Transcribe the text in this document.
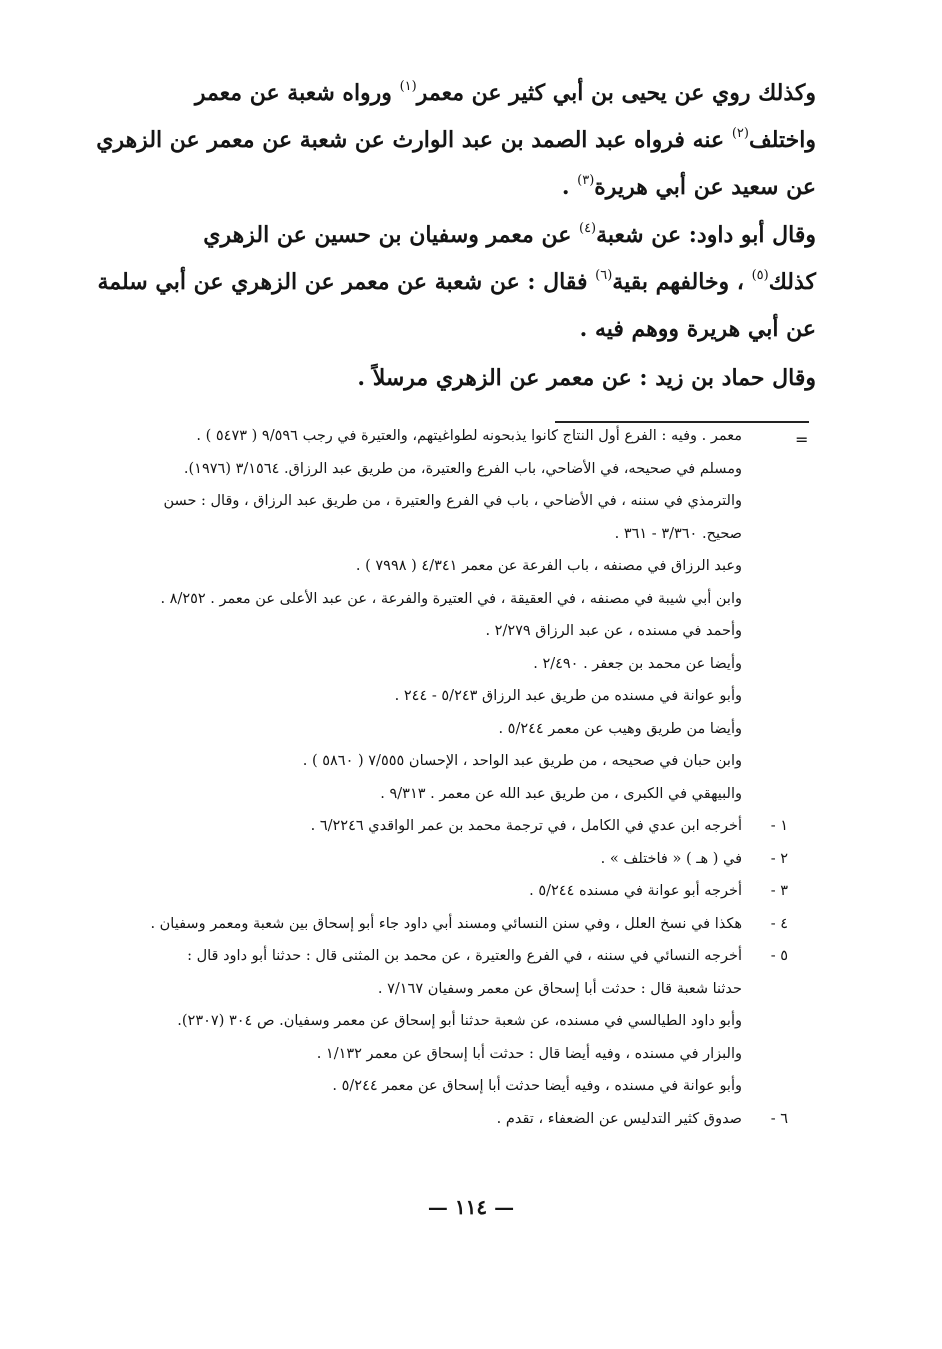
وكذلك روي عن يحيى بن أبي كثير عن معمر$^{(١)}$ ورواه شعبة عن معمر
واختلف$^{(٢)}$ عنه فرواه عبد الصمد بن عبد الوارث عن شعبة عن معمر عن الزهري
عن سعيد عن أبي هريرة$^{(٣)}$ .
وقال أبو داود: عن شعبة$^{(٤)}$ عن معمر وسفيان بن حسين عن الزهري
كذلك$^{(٥)}$ ، وخالفهم بقية$^{(٦)}$ فقال : عن شعبة عن معمر عن الزهري عن أبي سلمة
عن أبي هريرة ووهم فيه .
وقال حماد بن زيد : عن معمر عن الزهري مرسلاً .
=

معمر . وفيه : الفرع أول النتاج كانوا يذبحونه لطواغيتهم، والعتيرة في رجب ٩/٥٩٦ ( ٥٤٧٣ ) .

ومسلم في صحيحه، في الأضاحي، باب الفرع والعتيرة، من طريق عبد الرزاق. ٣/١٥٦٤ (١٩٧٦).

والترمذي في سننه ، في الأضاحي ، باب في الفرع والعتيرة ، من طريق عبد الرزاق ، وقال : حسن

صحيح. ٣/٣٦٠ - ٣٦١ .

وعبد الرزاق في مصنفه ، باب الفرعة عن معمر ٤/٣٤١ ( ٧٩٩٨ ) .

وابن أبي شيبة في مصنفه ، في العقيقة ، في العتيرة والفرعة ، عن عبد الأعلى عن معمر . ٨/٢٥٢ .

وأحمد في مسنده ، عن عبد الرزاق ٢/٢٧٩ .

وأيضا عن محمد بن جعفر . ٢/٤٩٠ .

وأبو عوانة في مسنده من طريق عبد الرزاق ٥/٢٤٣ - ٢٤٤ .

وأيضا من طريق وهيب عن معمر ٥/٢٤٤ .

وابن حبان في صحيحه ، من طريق عبد الواحد ، الإحسان ٧/٥٥٥ ( ٥٨٦٠ ) .

والبيهقي في الكبرى ، من طريق عبد الله عن معمر . ٩/٣١٣ .

١ -أخرجه ابن عدي في الكامل ، في ترجمة محمد بن عمر الواقدي ٦/٢٢٤٦ .

٢ -في ( هـ ) « فاختلف » .

٣ -أخرجه أبو عوانة في مسنده ٥/٢٤٤ .

٤ -هكذا في نسخ العلل ، وفي سنن النسائي ومسند أبي داود جاء أبو إسحاق بين شعبة ومعمر وسفيان .

٥ -أخرجه النسائي في سننه ، في الفرع والعتيرة ، عن محمد بن المثنى قال : حدثنا أبو داود قال :

حدثنا شعبة قال : حدثت أبا إسحاق عن معمر وسفيان ٧/١٦٧ .

وأبو داود الطيالسي في مسنده، عن شعبة حدثنا أبو إسحاق عن معمر وسفيان. ص ٣٠٤ (٢٣٠٧).

والبزار في مسنده ، وفيه أيضا قال : حدثت أبا إسحاق عن معمر ١/١٣٢ .

وأبو عوانة في مسنده ، وفيه أيضا حدثت أبا إسحاق عن معمر ٥/٢٤٤ .

٦ -صدوق كثير التدليس عن الضعفاء ، تقدم .

— ١١٤ —
